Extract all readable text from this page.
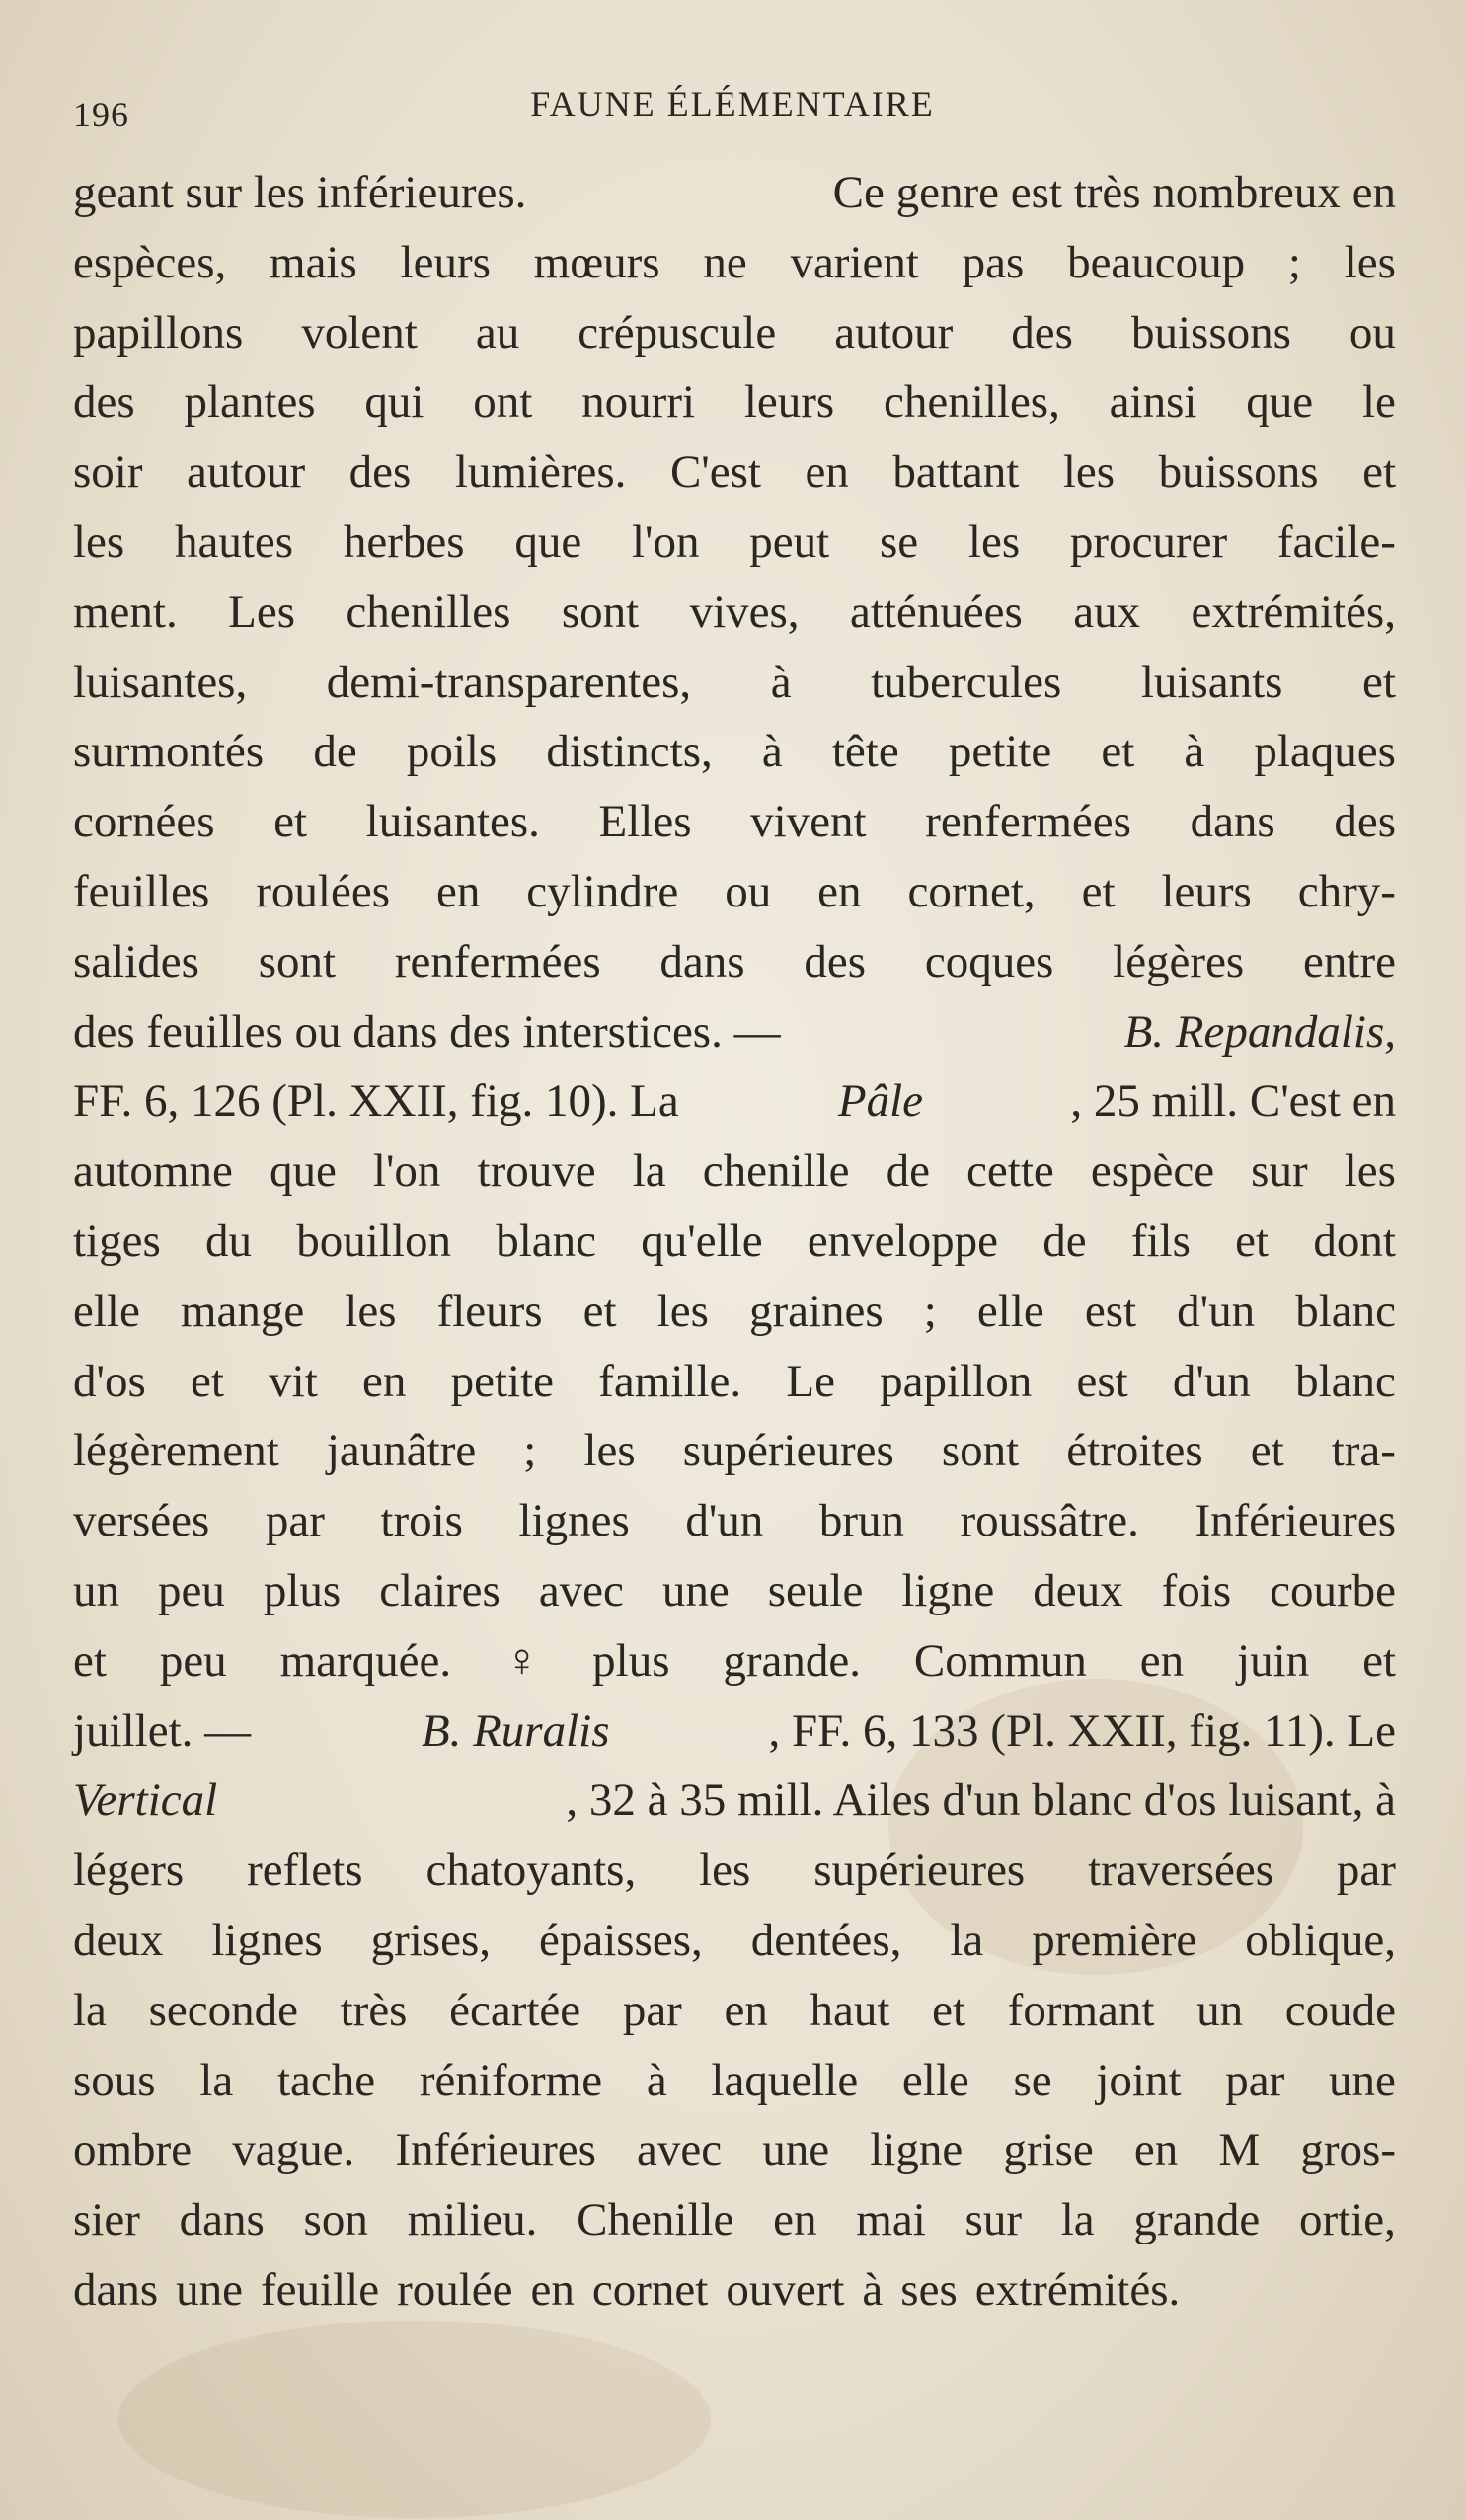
196	FAUNE ÉLÉMENTAIRE
geant sur les inférieures.	Ce genre est très nombreux en
espèces, mais leurs mœurs ne varient pas beaucoup ; les
papillons volent au crépuscule autour des buissons ou
des plantes qui ont nourri leurs chenilles, ainsi que le
soir autour des lumières. C'est en battant les buissons et
les hautes herbes que l'on peut se les procurer facile-
ment. Les chenilles sont vives, atténuées aux extrémités,
luisantes, demi-transparentes, à tubercules luisants et
surmontés de poils distincts, à tête petite et à plaques
cornées et luisantes. Elles vivent renfermées dans des
feuilles roulées en cylindre ou en cornet, et leurs chry-
salides sont renfermées dans des coques légères entre
des feuilles ou dans des interstices. —	B. Repandalis,
FF. 6, 126 (Pl. XXII, fig. 10). La	Pâle	, 25 mill. C'est en
automne que l'on trouve la chenille de cette espèce sur les
tiges du bouillon blanc qu'elle enveloppe de fils et dont
elle mange les fleurs et les graines ; elle est d'un blanc
d'os et vit en petite famille. Le papillon est d'un blanc
légèrement jaunâtre ; les supérieures sont étroites et tra-
versées par trois lignes d'un brun roussâtre. Inférieures
un peu plus claires avec une seule ligne deux fois courbe
et peu marquée. ♀ plus grande. Commun en juin et
juillet. —	B. Ruralis	, FF. 6, 133 (Pl. XXII, fig. 11). Le
Vertical	, 32 à 35 mill. Ailes d'un blanc d'os luisant, à
légers reflets chatoyants, les supérieures traversées par
deux lignes grises, épaisses, dentées, la première oblique,
la seconde très écartée par en haut et formant un coude
sous la tache réniforme à laquelle elle se joint par une
ombre vague. Inférieures avec une ligne grise en M gros-
sier dans son milieu. Chenille en mai sur la grande ortie,
dans une feuille roulée en cornet ouvert à ses extrémités.
